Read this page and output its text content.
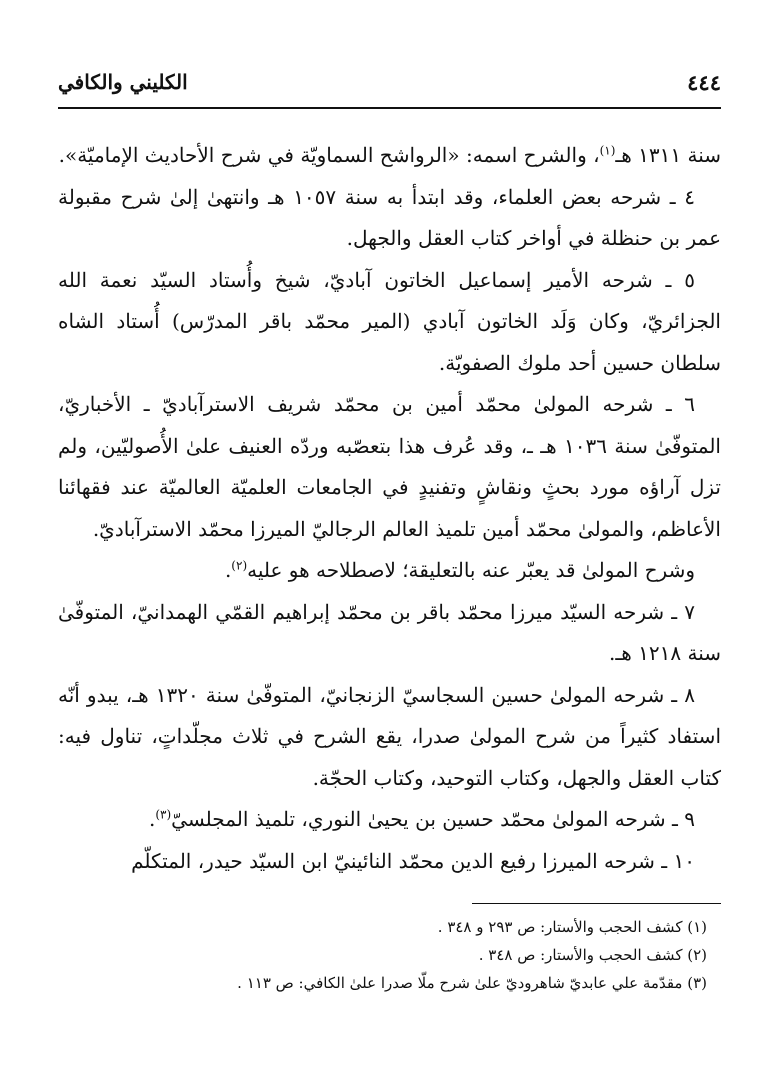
٤٤٤
الكليني والكافي

سنة ١٣١١ هـ$^{(١)}$، والشرح اسمه: «الرواشح السماويّة في شرح الأحاديث الإماميّة».

٤ ـ شرحه بعض العلماء، وقد ابتدأ به سنة ١٠٥٧ هـ وانتهىٰ إلىٰ شرح مقبولة عمر بن حنظلة في أواخر كتاب العقل والجهل.

٥ ـ شرحه الأمير إسماعيل الخاتون آباديّ، شيخ وأُستاد السيّد نعمة الله الجزائريّ، وكان وَلَد الخاتون آبادي (المير محمّد باقر المدرّس) أُستاد الشاه سلطان حسين أحد ملوك الصفويّة.

٦ ـ شرحه المولىٰ محمّد أمين بن محمّد شريف الاسترآباديّ ـ الأخباريّ، المتوفّىٰ سنة ١٠٣٦ هـ ـ، وقد عُرف هذا بتعصّبه وردّه العنيف علىٰ الأُصوليّين، ولم تزل آراؤه مورد بحثٍ ونقاشٍ وتفنيدٍ في الجامعات العلميّة العالميّة عند فقهائنا الأعاظم، والمولىٰ محمّد أمين تلميذ العالم الرجاليّ الميرزا محمّد الاسترآباديّ.

وشرح المولىٰ قد يعبّر عنه بالتعليقة؛ لاصطلاحه هو عليه$^{(٢)}$.

٧ ـ شرحه السيّد ميرزا محمّد باقر بن محمّد إبراهيم القمّي الهمدانيّ، المتوفّىٰ سنة ١٢١٨ هـ.

٨ ـ شرحه المولىٰ حسين السجاسيّ الزنجانيّ، المتوفّىٰ سنة ١٣٢٠ هـ، يبدو أنّه استفاد كثيراً من شرح المولىٰ صدرا، يقع الشرح في ثلاث مجلّداتٍ، تناول فيه: كتاب العقل والجهل، وكتاب التوحيد، وكتاب الحجّة.

٩ ـ شرحه المولىٰ محمّد حسين بن يحيىٰ النوري، تلميذ المجلسيّ$^{(٣)}$.

١٠ ـ شرحه الميرزا رفيع الدين محمّد النائينيّ ابن السيّد حيدر، المتكلّم

(١) كشف الحجب والأستار: ص ٢٩٣ و ٣٤٨ .

(٢) كشف الحجب والأستار: ص ٣٤٨ .

(٣) مقدّمة علي عابديّ شاهروديّ علىٰ شرح ملّا صدرا علىٰ الكافي: ص ١١٣ .
